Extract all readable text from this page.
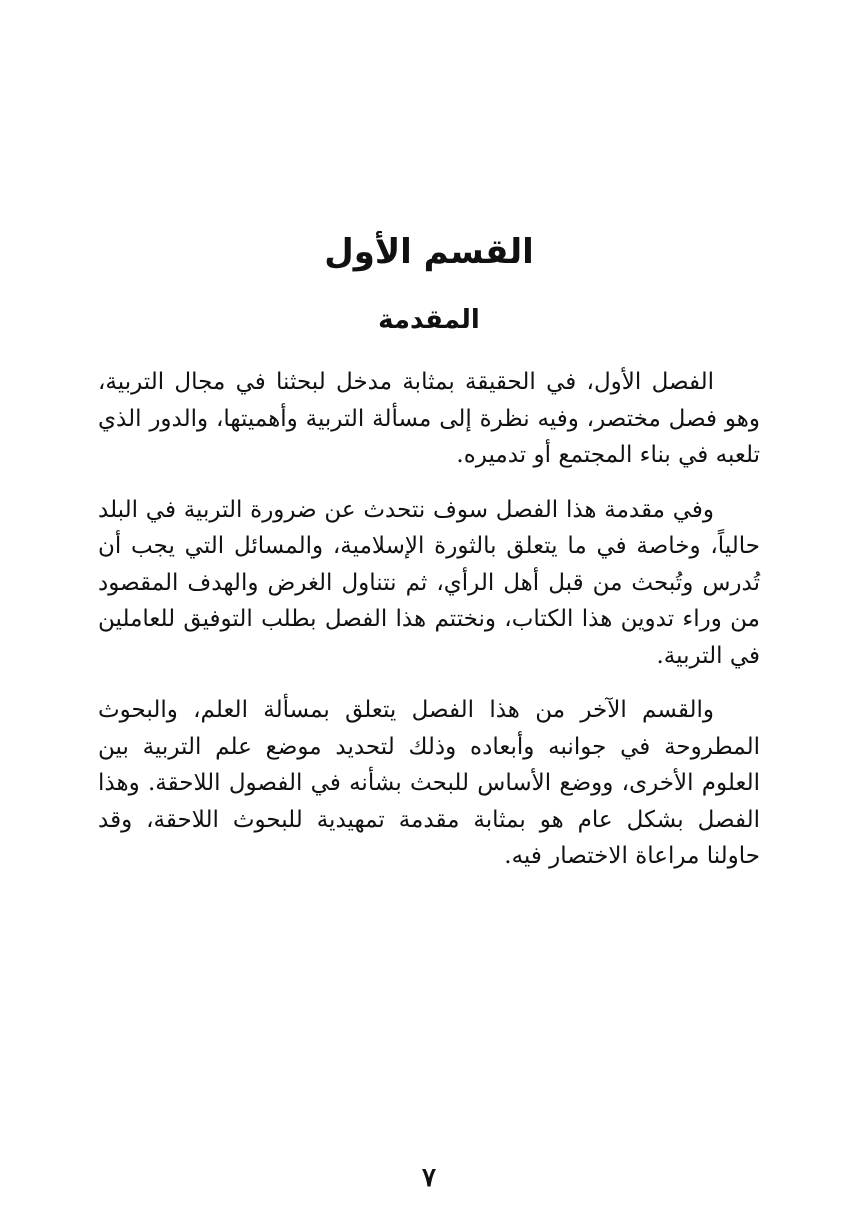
القسم الأول
المقدمة

الفصل الأول، في الحقيقة بمثابة مدخل لبحثنا في مجال التربية، وهو فصل مختصر، وفيه نظرة إلى مسألة التربية وأهميتها، والدور الذي تلعبه في بناء المجتمع أو تدميره.

وفي مقدمة هذا الفصل سوف نتحدث عن ضرورة التربية في البلد حالياً، وخاصة في ما يتعلق بالثورة الإسلامية، والمسائل التي يجب أن تُدرس وتُبحث من قبل أهل الرأي، ثم نتناول الغرض والهدف المقصود من وراء تدوين هذا الكتاب، ونختتم هذا الفصل بطلب التوفيق للعاملين في التربية.

والقسم الآخر من هذا الفصل يتعلق بمسألة العلم، والبحوث المطروحة في جوانبه وأبعاده وذلك لتحديد موضع علم التربية بين العلوم الأخرى، ووضع الأساس للبحث بشأنه في الفصول اللاحقة. وهذا الفصل بشكل عام هو بمثابة مقدمة تمهيدية للبحوث اللاحقة، وقد حاولنا مراعاة الاختصار فيه.

٧
